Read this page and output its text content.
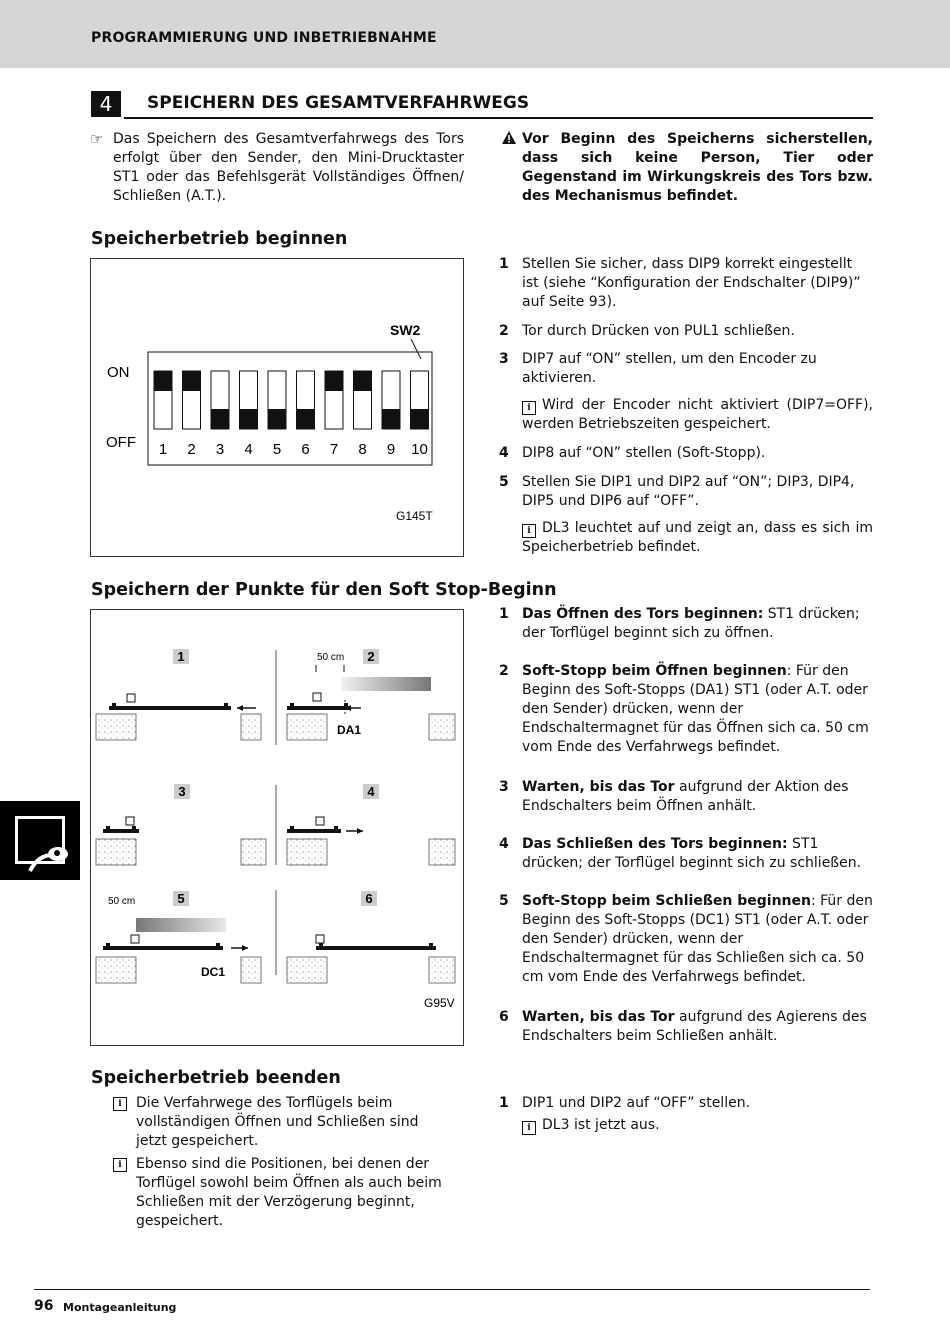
PROGRAMMIERUNG UND INBETRIEBNAHME
4	SPEICHERN DES GESAMTVERFAHRWEGS
☞ Das Speichern des Gesamtverfahrwegs des Tors erfolgt über den Sender, den Mini-Drucktaster ST1 oder das Befehlsgerät Vollständiges Öffnen/ Schließen (A.T.).
Vor Beginn des Speicherns sicherstellen, dass sich keine Person, Tier oder Gegenstand im Wirkungskreis des Tors bzw. des Mechanismus befindet.
Speicherbetrieb beginnen
SW2
ON
OFF 1 2 3 4 5 6 7 8 9 10
G145T
1 Stellen Sie sicher, dass DIP9 korrekt eingestellt ist (siehe “Konfiguration der Endschalter (DIP9)” auf Seite 93).
2 Tor durch Drücken von PUL1 schließen.
3 DIP7 auf “ON” stellen, um den Encoder zu aktivieren.
i Wird der Encoder nicht aktiviert (DIP7=OFF), werden Betriebszeiten gespeichert.
4 DIP8 auf “ON” stellen (Soft-Stopp).
5 Stellen Sie DIP1 und DIP2 auf “ON”; DIP3, DIP4, DIP5 und DIP6 auf “OFF”.
i DL3 leuchtet auf und zeigt an, dass es sich im Speicherbetrieb befindet.
Speichern der Punkte für den Soft Stop-Beginn
1	2
50 cm
DA1
3	4
5
50 cm
DC1
6
G95V
1 Das Öffnen des Tors beginnen: ST1 drücken; der Torflügel beginnt sich zu öffnen.
2 Soft-Stopp beim Öffnen beginnen: Für den Beginn des Soft-Stopps (DA1) ST1 (oder A.T. oder den Sender) drücken, wenn der Endschaltermagnet für das Öffnen sich ca. 50 cm vom Ende des Verfahrwegs befindet.
3 Warten, bis das Tor aufgrund der Aktion des Endschalters beim Öffnen anhält.
4 Das Schließen des Tors beginnen: ST1 drücken; der Torflügel beginnt sich zu schließen.
5 Soft-Stopp beim Schließen beginnen: Für den Beginn des Soft-Stopps (DC1) ST1 (oder A.T. oder den Sender) drücken, wenn der Endschaltermagnet für das Schließen sich ca. 50 cm vom Ende des Verfahrwegs befindet.
6 Warten, bis das Tor aufgrund des Agierens des Endschalters beim Schließen anhält.
Speicherbetrieb beenden
i	Die Verfahrwege des Torflügels beim vollständigen Öffnen und Schließen sind jetzt gespeichert.
i	Ebenso sind die Positionen, bei denen der Torflügel sowohl beim Öffnen als auch beim Schließen mit der Verzögerung beginnt, gespeichert.
1 DIP1 und DIP2 auf “OFF” stellen.
i DL3 ist jetzt aus.
96 Montageanleitung
